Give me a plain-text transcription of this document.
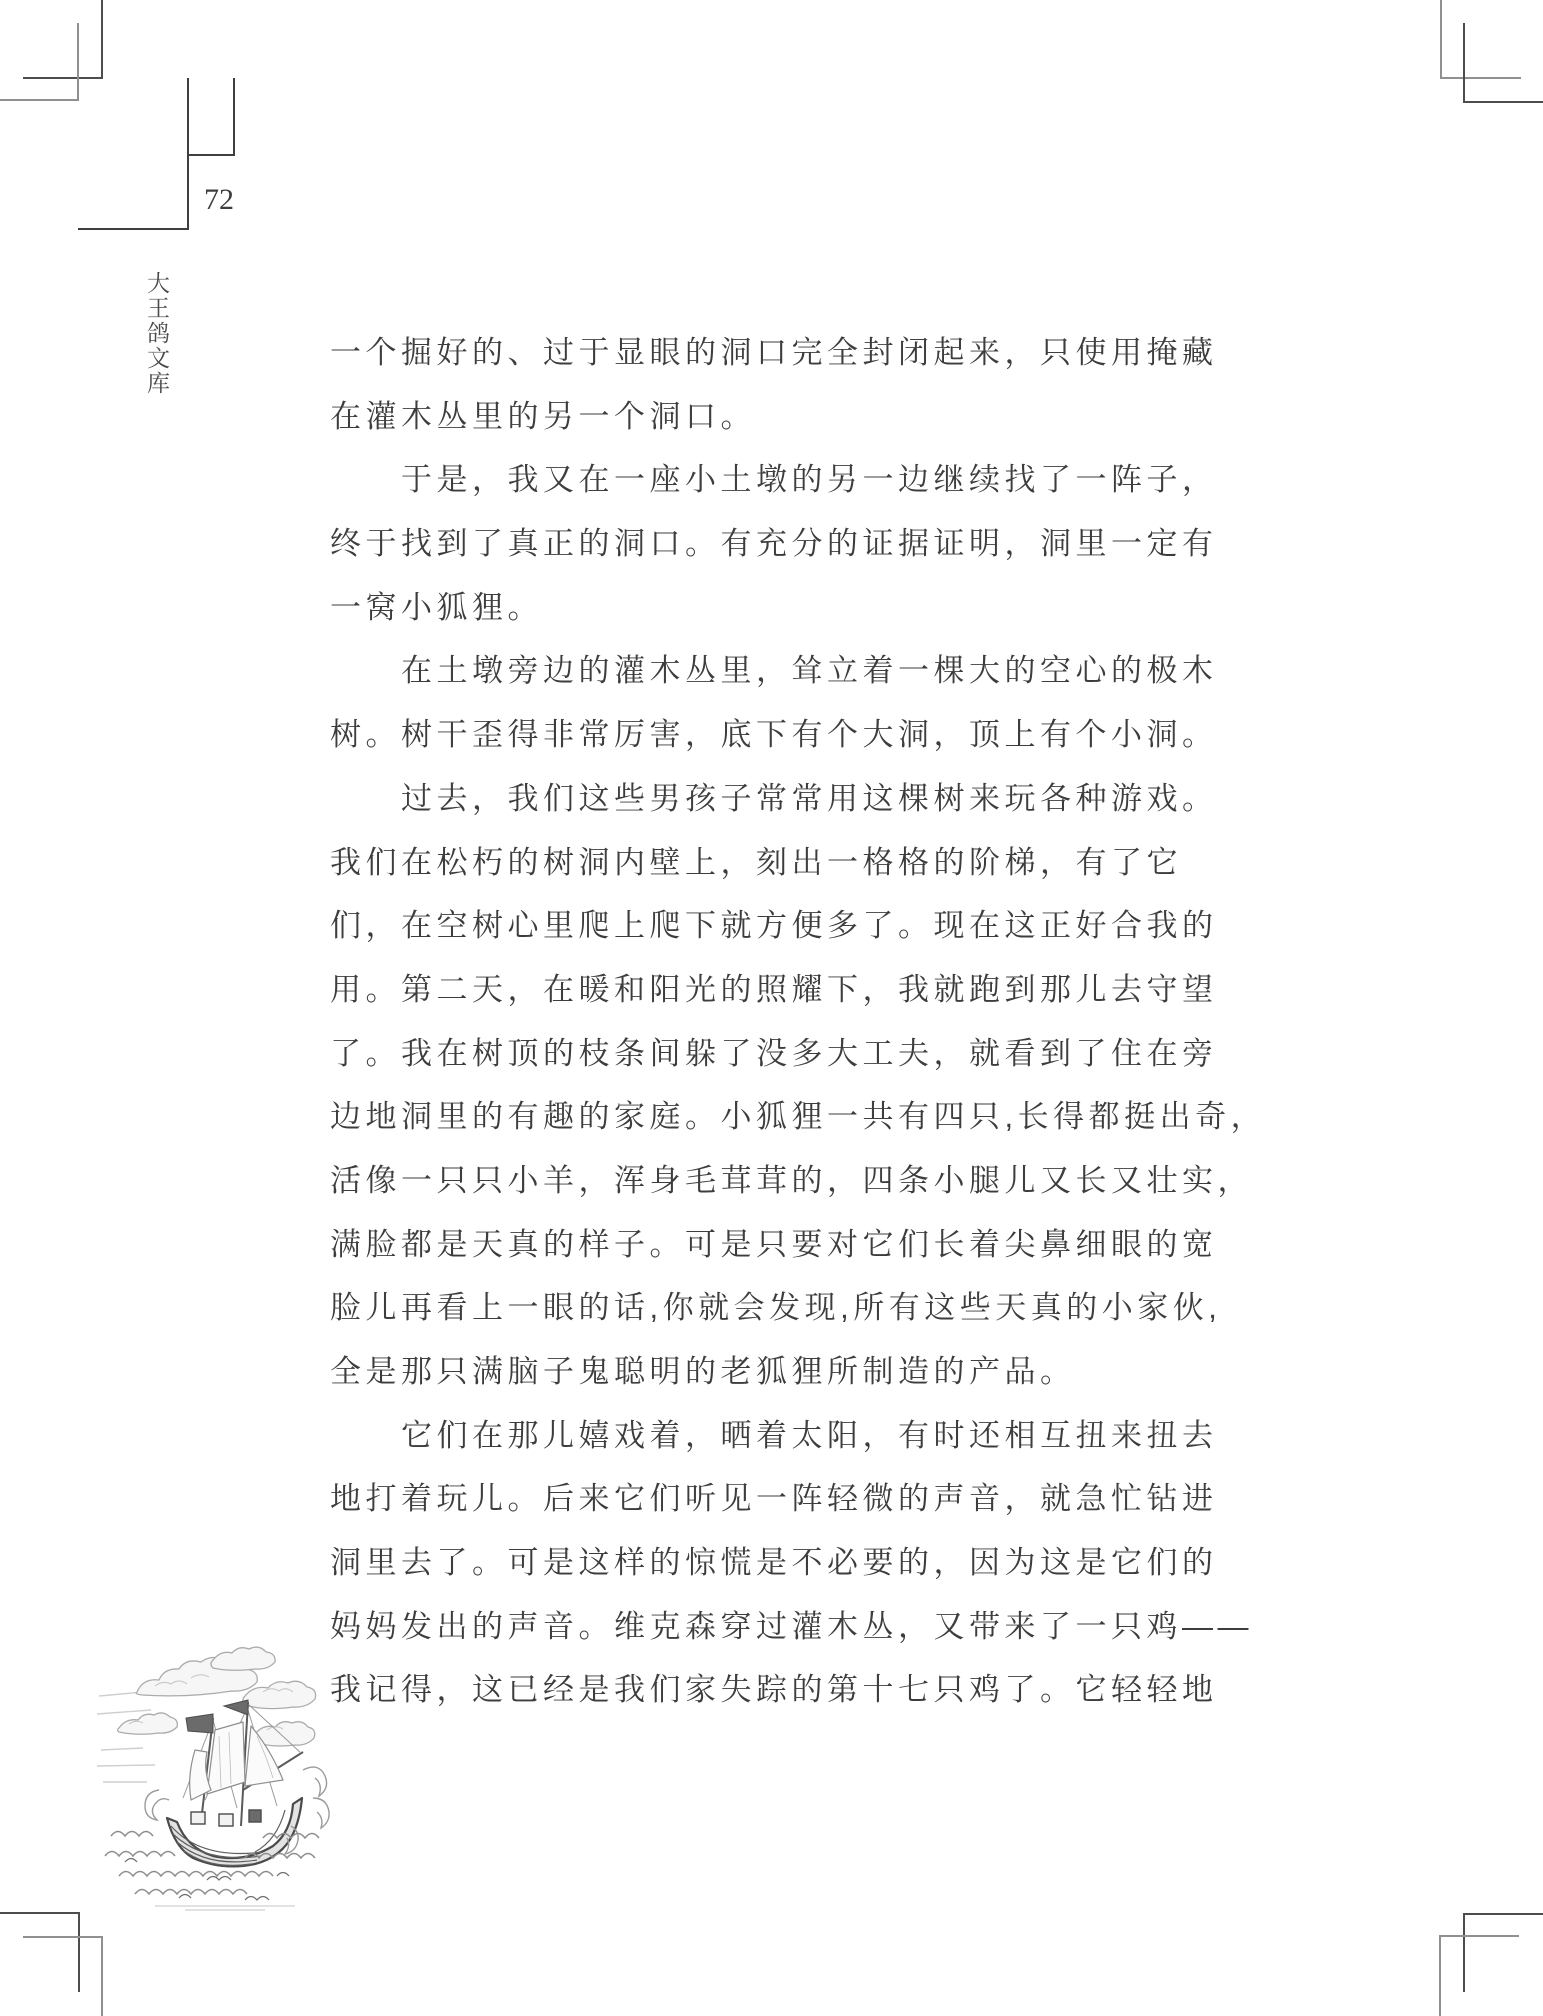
72
大王鸽文库	一个掘好的、过于显眼的洞口完全封闭起来，只使用掩藏
在灌木丛里的另一个洞口。
于是，我又在一座小土墩的另一边继续找了一阵子，
终于找到了真正的洞口。有充分的证据证明，洞里一定有
一窝小狐狸。
在土墩旁边的灌木丛里，耸立着一棵大的空心的极木
树。树干歪得非常厉害，底下有个大洞，顶上有个小洞。
过去，我们这些男孩子常常用这棵树来玩各种游戏。
我们在松朽的树洞内壁上，刻出一格格的阶梯，有了它
们，在空树心里爬上爬下就方便多了。现在这正好合我的
用。第二天，在暖和阳光的照耀下，我就跑到那儿去守望
了。我在树顶的枝条间躲了没多大工夫，就看到了住在旁
边地洞里的有趣的家庭。小狐狸一共有四只,长得都挺出奇，
活像一只只小羊，浑身毛茸茸的，四条小腿儿又长又壮实，
满脸都是天真的样子。可是只要对它们长着尖鼻细眼的宽
脸儿再看上一眼的话,你就会发现,所有这些天真的小家伙,
全是那只满脑子鬼聪明的老狐狸所制造的产品。
它们在那儿嬉戏着，晒着太阳，有时还相互扭来扭去
地打着玩儿。后来它们听见一阵轻微的声音，就急忙钻进
洞里去了。可是这样的惊慌是不必要的，因为这是它们的
妈妈发出的声音。维克森穿过灌木丛，又带来了一只鸡——
我记得，这已经是我们家失踪的第十七只鸡了。它轻轻地
